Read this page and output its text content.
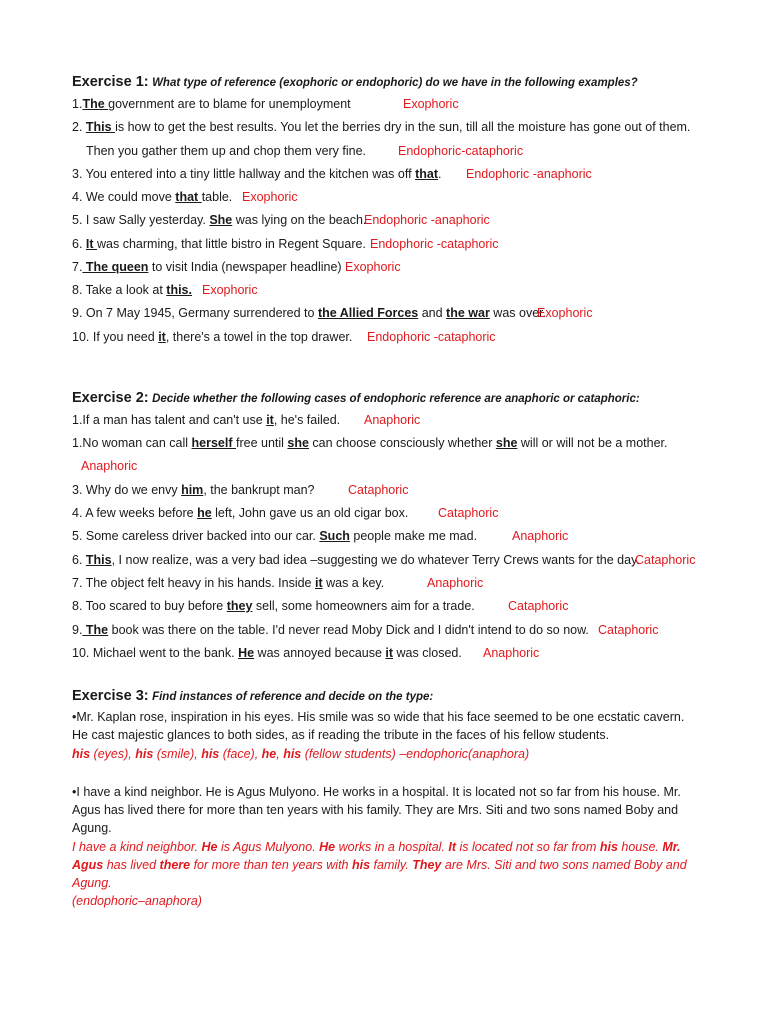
Exercise 1: What type of reference (exophoric or endophoric) do we have in the following examples?
1.The government are to blame for unemployment	Exophoric
2. This is how to get the best results. You let the berries dry in the sun, till all the moisture has gone out of them.
Then you gather them up and chop them very fine.	Endophoric-cataphoric
3. You entered into a tiny little hallway and the kitchen was off that. Endophoric -anaphoric
4. We could move that table. Exophoric
5. I saw Sally yesterday. She was lying on the beach.
Endophoric -anaphoric
6. It was charming, that little bistro in Regent Square. Endophoric -cataphoric
7. The queen to visit India (newspaper headline) Exophoric
8. Take a look at this. Exophoric
9. On 7 May 1945, Germany surrendered to the Allied Forces and the war was over.
Exophoric
10. If you need it, there's a towel in the top drawer. Endophoric -cataphoric
Exercise 2: Decide whether the following cases of endophoric reference are anaphoric or cataphoric:
1.If a man has talent and can't use it, he's failed. Anaphoric
1.No woman can call herself free until she can choose consciously whether she will or will not be a mother.
Anaphoric
3. Why do we envy him, the bankrupt man?	Cataphoric
4. A few weeks before he left, John gave us an old cigar box. Cataphoric
5. Some careless driver backed into our car. Such people make me mad.	Anaphoric
6. This, I now realize, was a very bad idea –suggesting we do whatever Terry Crews wants for the day.
Cataphoric
7. The object felt heavy in his hands. Inside it was a key.	Anaphoric
8. Too scared to buy before they sell, some homeowners aim for a trade.	Cataphoric
9. The book was there on the table. I'd never read Moby Dick and I didn't intend to do so now. Cataphoric
10. Michael went to the bank. He was annoyed because it was closed. Anaphoric
Exercise 3: Find instances of reference and decide on the type:
•Mr. Kaplan rose, inspiration in his eyes. His smile was so wide that his face seemed to be one ecstatic cavern. He cast majestic glances to both sides, as if reading the tribute in the faces of his fellow students.
his (eyes), his (smile), his (face), he, his (fellow students) –endophoric(anaphora)
•I have a kind neighbor. He is Agus Mulyono. He works in a hospital. It is located not so far from his house. Mr. Agus has lived there for more than ten years with his family. They are Mrs. Siti and two sons named Boby and Agung.
I have a kind neighbor. He is Agus Mulyono. He works in a hospital. It is located not so far from his house. Mr. Agus has lived there for more than ten years with his family. They are Mrs. Siti and two sons named Boby and Agung.
(endophoric–anaphora)
